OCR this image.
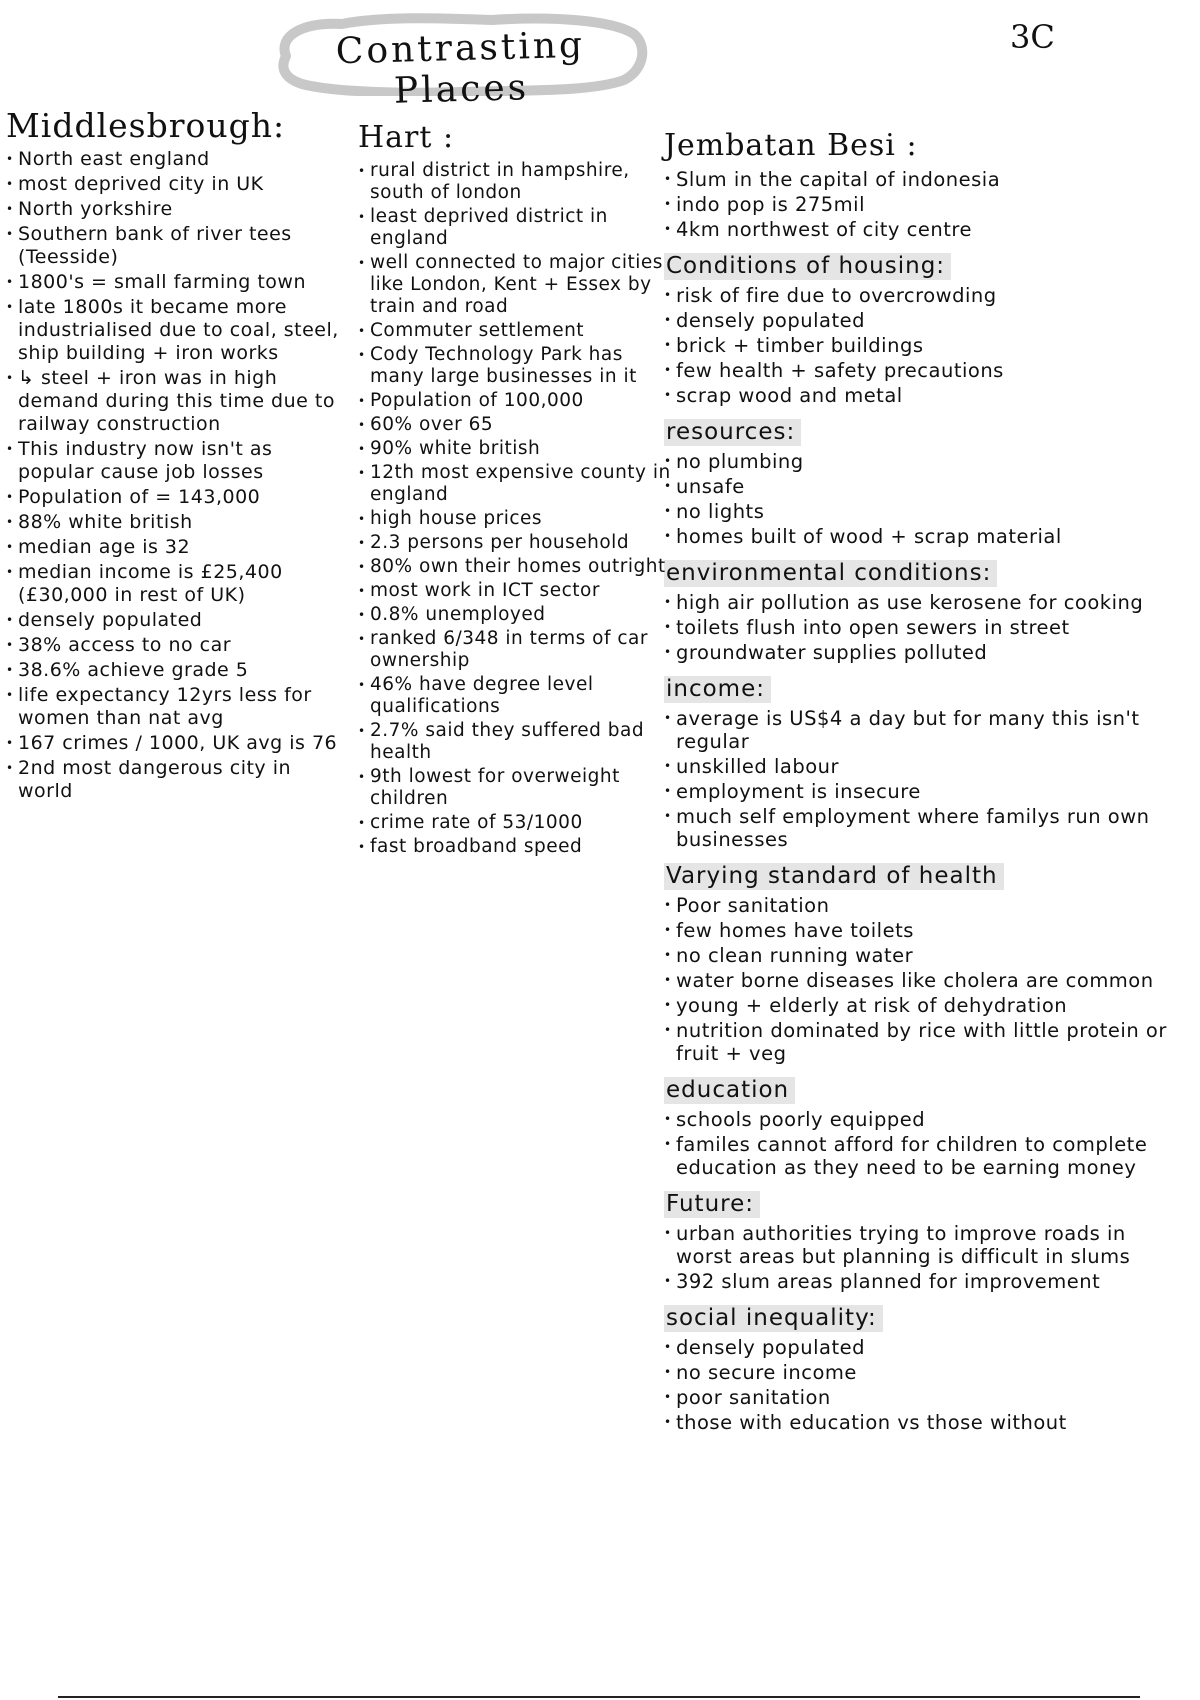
Contrasting Places
3C
Middlesbrough:
• North east england
• most deprived city in UK
• North yorkshire
• Southern bank of river tees (Teesside)
• 1800's = small farming town
• late 1800s it became more industrialised due to coal, steel, ship building + iron works
• ↳ steel + iron was in high demand during this time due to railway construction
• This industry now isn't as popular cause job losses
• Population of = 143,000
• 88% white british
• median age is 32
• median income is £25,400 (£30,000 in rest of UK)
• densely populated
• 38% access to no car
• 38.6% achieve grade 5
• life expectancy 12yrs less for women than nat avg
• 167 crimes / 1000, UK avg is 76
• 2nd most dangerous city in world
Hart :
• rural district in hampshire, south of london
• least deprived district in england
• well connected to major cities like London, Kent + Essex by train and road
• Commuter settlement
• Cody Technology Park has many large businesses in it
• Population of 100,000
• 60% over 65
• 90% white british
• 12th most expensive county in england
• high house prices
• 2.3 persons per household
• 80% own their homes outright
• most work in ICT sector
• 0.8% unemployed
• ranked 6/348 in terms of car ownership
• 46% have degree level qualifications
• 2.7% said they suffered bad health
• 9th lowest for overweight children
• crime rate of 53/1000
• fast broadband speed
Jembatan Besi :
• Slum in the capital of indonesia
• indo pop is 275mil
• 4km northwest of city centre
Conditions of housing:
• risk of fire due to overcrowding
• densely populated
• brick + timber buildings
• few health + safety precautions
• scrap wood and metal
resources:
• no plumbing
• unsafe
• no lights
• homes built of wood + scrap material
environmental conditions:
• high air pollution as use kerosene for cooking
• toilets flush into open sewers in street
• groundwater supplies polluted
income:
• average is US$4 a day but for many this isn't regular
• unskilled labour
• employment is insecure
• much self employment where familys run own businesses
Varying standard of health
• Poor sanitation
• few homes have toilets
• no clean running water
• water borne diseases like cholera are common
• young + elderly at risk of dehydration
• nutrition dominated by rice with little protein or fruit + veg
education
• schools poorly equipped
• familes cannot afford for children to complete education as they need to be earning money
Future:
• urban authorities trying to improve roads in worst areas but planning is difficult in slums
• 392 slum areas planned for improvement
social inequality:
• densely populated
• no secure income
• poor sanitation
• those with education vs those without
